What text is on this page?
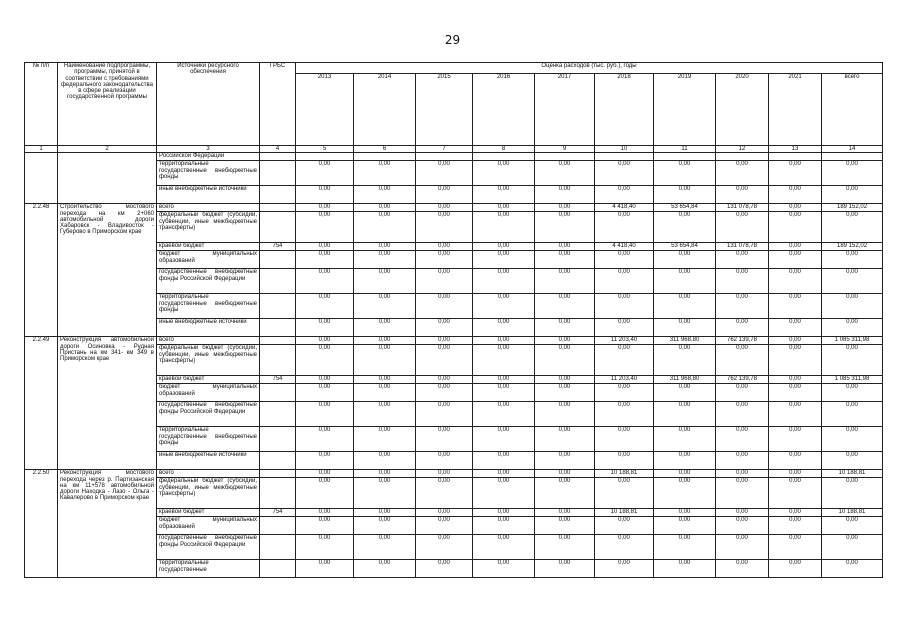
29
№ п/п	Наименование подпрограммы, программы, принятой в соответствии с требованиями федерального законодательства в сфере реализации государственной программы	Источники ресурсного обеспечения	ГРБС	Оценка расходов (тыс. руб.), годы									
				2013	2014	2015	2016	2017	2018	2019	2020	2021	всего
1	2	3	4	5	6	7	8	9	10	11	12	13	14
		Российской Федерации											
		территориальные государственные внебюджетные фонды		0,00	0,00	0,00	0,00	0,00	0,00	0,00	0,00	0,00	0,00
		иные внебюджетные источники		0,00	0,00	0,00	0,00	0,00	0,00	0,00	0,00	0,00	0,00
2.2.48	Строительство мостового перехода на км 2+060 автомобильной дороги Хабаровск - Владивосток - Губерово в Приморском крае	всего		0,00	0,00	0,00	0,00	0,00	4 418,40	53 654,84	131 078,78	0,00	189 152,02
		федеральный бюджет (субсидии, субвенции, иные межбюджетные трансферты)		0,00	0,00	0,00	0,00	0,00	0,00	0,00	0,00	0,00	0,00
		краевой бюджет	754	0,00	0,00	0,00	0,00	0,00	4 418,40	53 654,84	131 078,78	0,00	189 152,02
		бюджет муниципальных образований		0,00	0,00	0,00	0,00	0,00	0,00	0,00	0,00	0,00	0,00
		государственные внебюджетные фонды Российской Федерации		0,00	0,00	0,00	0,00	0,00	0,00	0,00	0,00	0,00	0,00
		территориальные государственные внебюджетные фонды		0,00	0,00	0,00	0,00	0,00	0,00	0,00	0,00	0,00	0,00
		иные внебюджетные источники		0,00	0,00	0,00	0,00	0,00	0,00	0,00	0,00	0,00	0,00
2.2.49	Реконструкция автомобильной дороги Осиновка - Рудная Пристань на км 341- км 349 в Приморском крае	всего		0,00	0,00	0,00	0,00	0,00	11 203,40	311 968,80	762 139,78	0,00	1 085 311,98
		федеральный бюджет (субсидии, субвенции, иные межбюджетные трансферты)		0,00	0,00	0,00	0,00	0,00	0,00	0,00	0,00	0,00	0,00
		краевой бюджет	754	0,00	0,00	0,00	0,00	0,00	11 203,40	311 968,80	762 139,78	0,00	1 085 311,98
		бюджет муниципальных образований		0,00	0,00	0,00	0,00	0,00	0,00	0,00	0,00	0,00	0,00
		государственные внебюджетные фонды Российской Федерации		0,00	0,00	0,00	0,00	0,00	0,00	0,00	0,00	0,00	0,00
		территориальные государственные внебюджетные фонды		0,00	0,00	0,00	0,00	0,00	0,00	0,00	0,00	0,00	0,00
		иные внебюджетные источники		0,00	0,00	0,00	0,00	0,00	0,00	0,00	0,00	0,00	0,00
2.2.50	Реконструкция мостового перехода через р. Партизанская на км 11+578 автомобильной дороги Находка - Лазо - Ольга - Кавалерово в Приморском крае	всего		0,00	0,00	0,00	0,00	0,00	10 188,81	0,00	0,00	0,00	10 188,81
		федеральный бюджет (субсидии, субвенции, иные межбюджетные трансферты)		0,00	0,00	0,00	0,00	0,00	0,00	0,00	0,00	0,00	0,00
		краевой бюджет	754	0,00	0,00	0,00	0,00	0,00	10 188,81	0,00	0,00	0,00	10 188,81
		бюджет муниципальных образований		0,00	0,00	0,00	0,00	0,00	0,00	0,00	0,00	0,00	0,00
		государственные внебюджетные фонды Российской Федерации		0,00	0,00	0,00	0,00	0,00	0,00	0,00	0,00	0,00	0,00
		территориальные государственные		0,00	0,00	0,00	0,00	0,00	0,00	0,00	0,00	0,00	0,00
